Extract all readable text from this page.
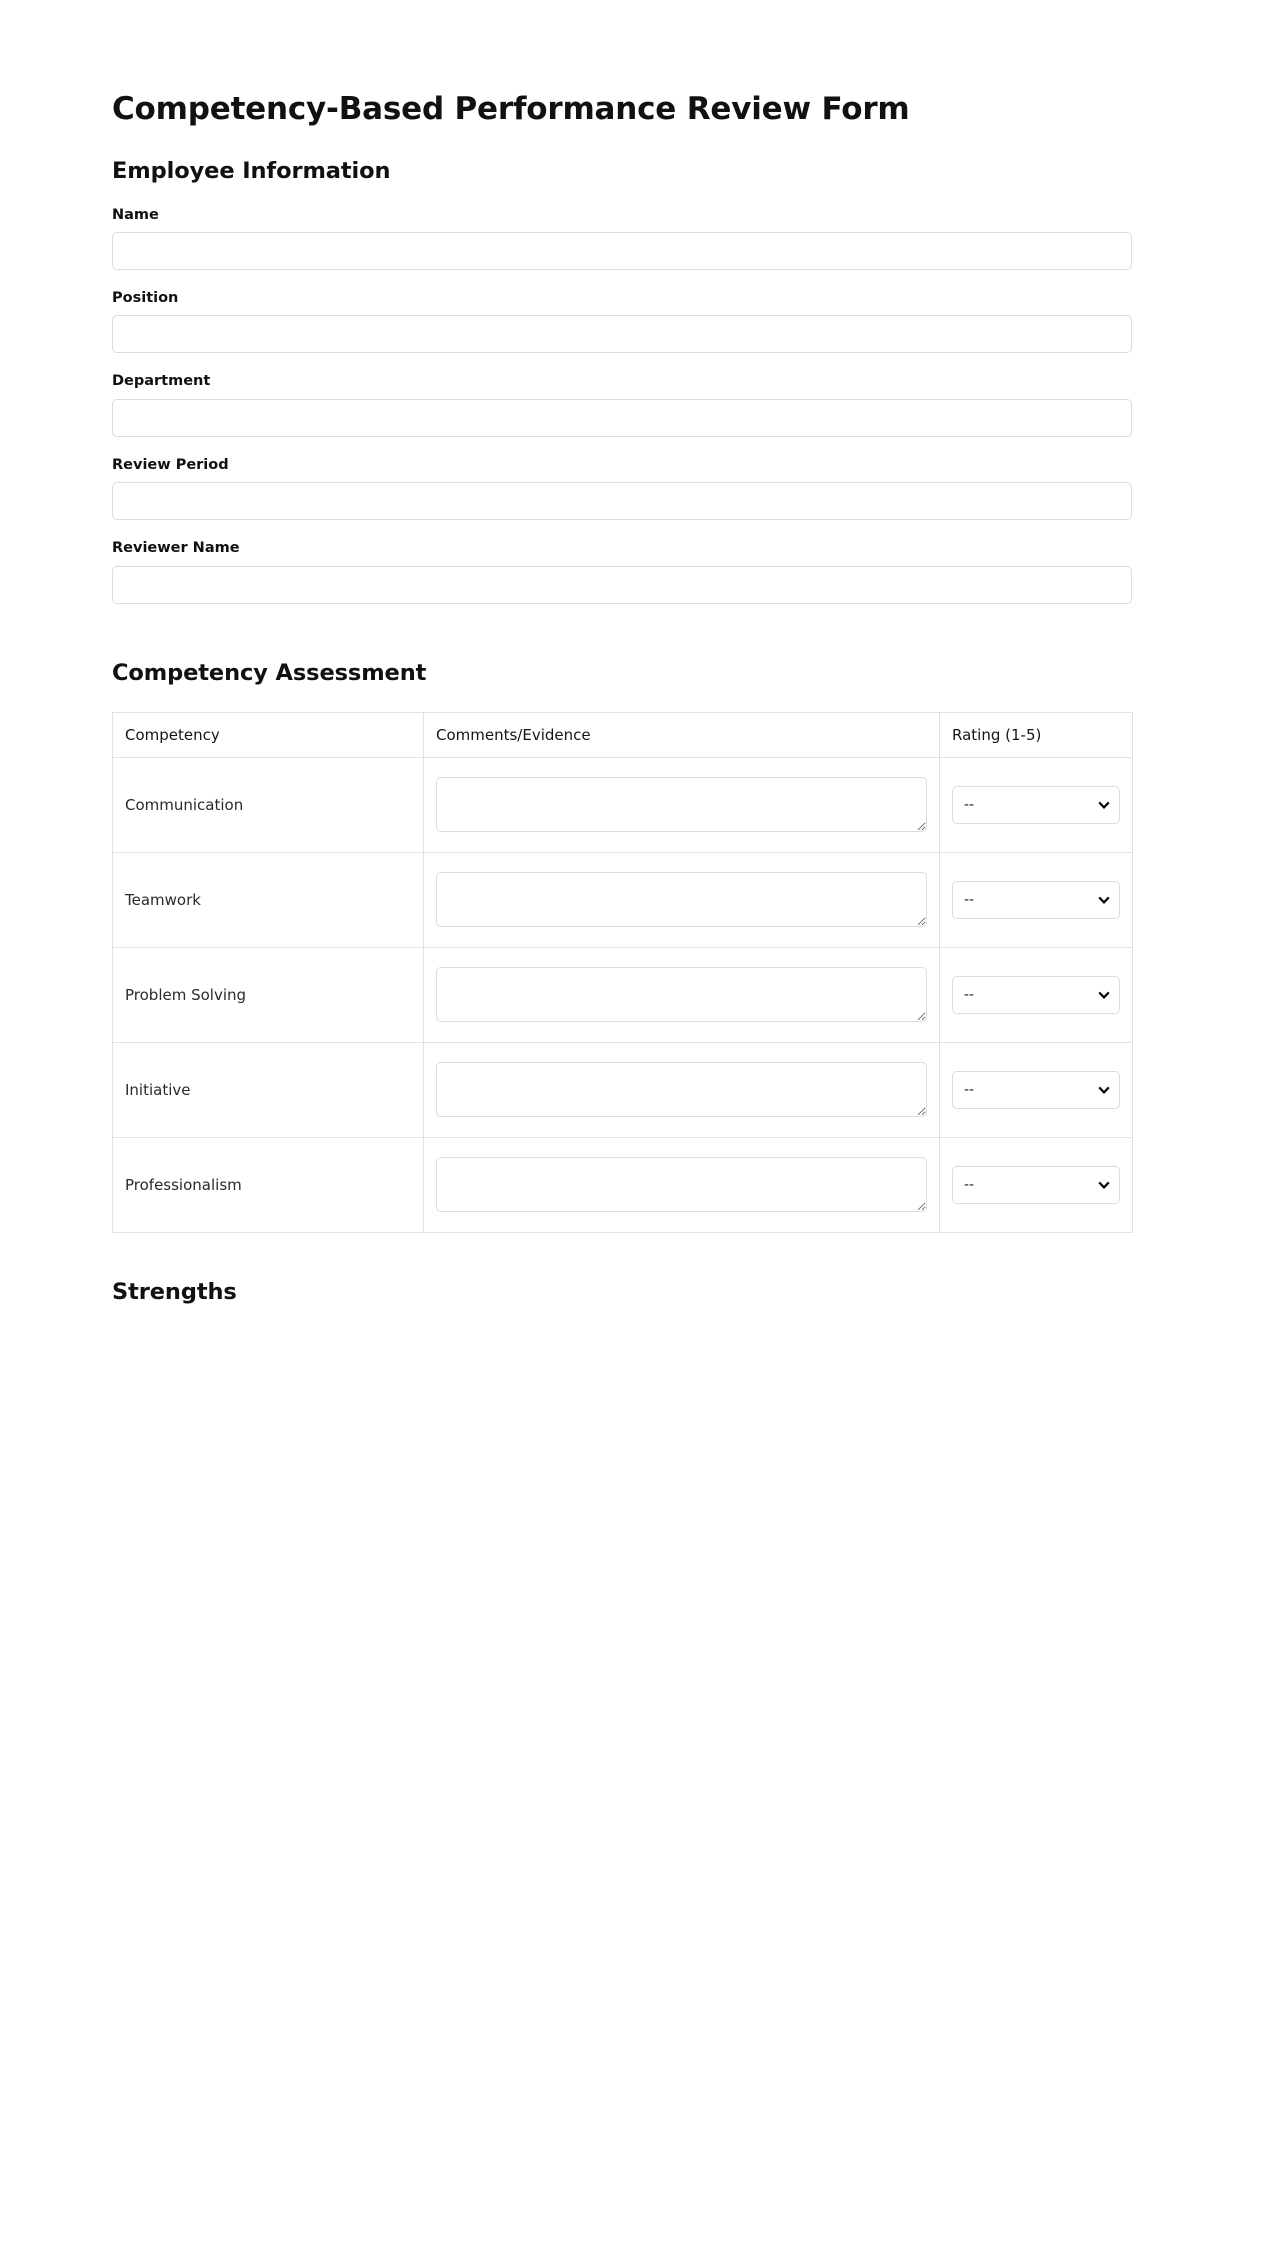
Competency-Based Performance Review Form
Employee Information
Name
Position
Department
Review Period
Reviewer Name
Competency Assessment
Competency	Comments/Evidence	Rating (1-5)
Communication		--

Teamwork		--

Problem Solving		--

Initiative		--

Professionalism		--
Strengths
